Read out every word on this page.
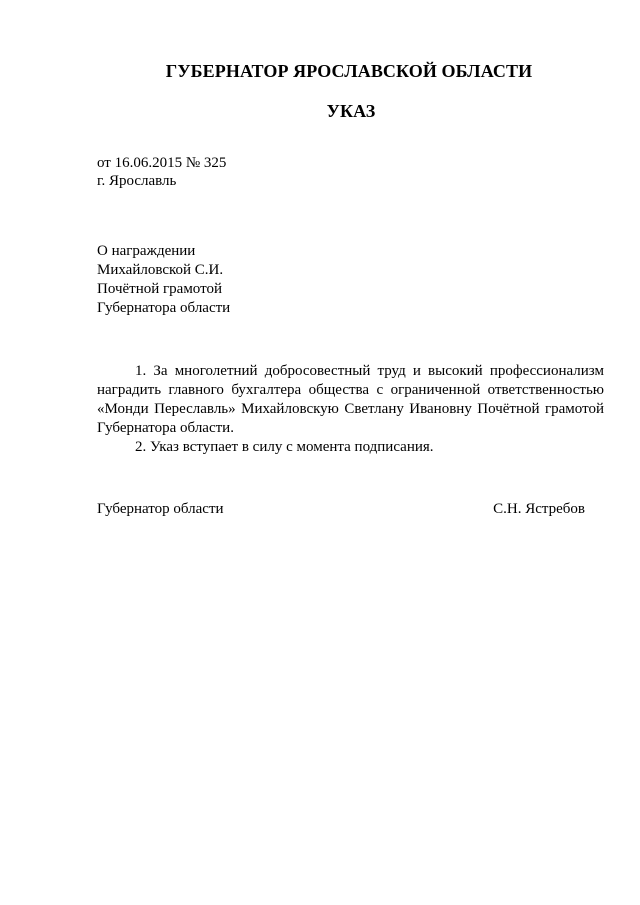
ГУБЕРНАТОР ЯРОСЛАВСКОЙ ОБЛАСТИ
УКАЗ
от 16.06.2015 № 325
г. Ярославль
О награждении
Михайловской С.И.
Почётной грамотой
Губернатора области

1. За многолетний добросовестный труд и высокий профессионализм наградить главного бухгалтера общества с ограниченной ответственностью «Монди Переславль» Михайловскую Светлану Ивановну Почётной грамотой Губернатора области.

2. Указ вступает в силу с момента подписания.

Губернатор области	С.Н. Ястребов
